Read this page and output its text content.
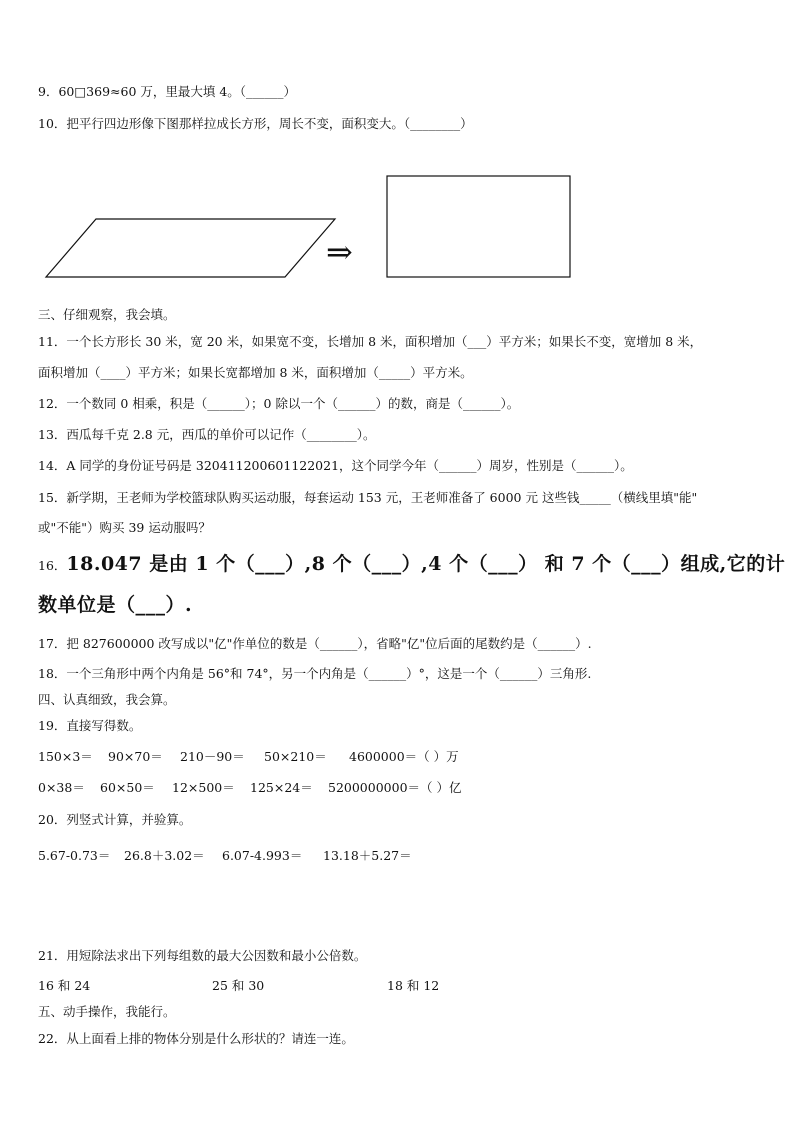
9．60□369≈60 万，里最大填 4。（______）
10．把平行四边形像下图那样拉成长方形，周长不变，面积变大。（________）
⇒
三、仔细观察，我会填。
11．一个长方形长 30 米，宽 20 米，如果宽不变，长增加 8 米，面积增加（___）平方米；如果长不变，宽增加 8 米，
面积增加（____）平方米；如果长宽都增加 8 米，面积增加（_____）平方米。
12．一个数同 0 相乘，积是（______）；0 除以一个（______）的数，商是（______）。
13．西瓜每千克 2.8 元，西瓜的单价可以记作（________）。
14．A 同学的身份证号码是 320411200601122021，这个同学今年（______）周岁，性别是（______）。
15．新学期，王老师为学校篮球队购买运动服，每套运动 153 元，王老师准备了 6000 元 这些钱_____（横线里填"能"
或"不能"）购买 39 运动服吗？
16．18.047 是由 1 个（___）,8 个（___）,4 个（___） 和 7 个（___）组成,它的计
数单位是（___）.
17．把 827600000 改写成以"亿"作单位的数是（______），省略"亿"位后面的尾数约是（______）.
18．一个三角形中两个内角是 56°和 74°，另一个内角是（______）°，这是一个（______）三角形.
四、认真细致，我会算。
19．直接写得数。
150×3＝ 90×70＝ 210－90＝ 50×210＝ 4600000＝（ ）万
0×38＝ 60×50＝ 12×500＝ 125×24＝ 5200000000＝（ ）亿
20．列竖式计算，并验算。
5.67-0.73＝ 26.8＋3.02＝ 6.07-4.993＝ 13.18＋5.27＝
21．用短除法求出下列每组数的最大公因数和最小公倍数。
16 和 24	25 和 30	18 和 12
五、动手操作，我能行。
22．从上面看上排的物体分别是什么形状的？请连一连。
